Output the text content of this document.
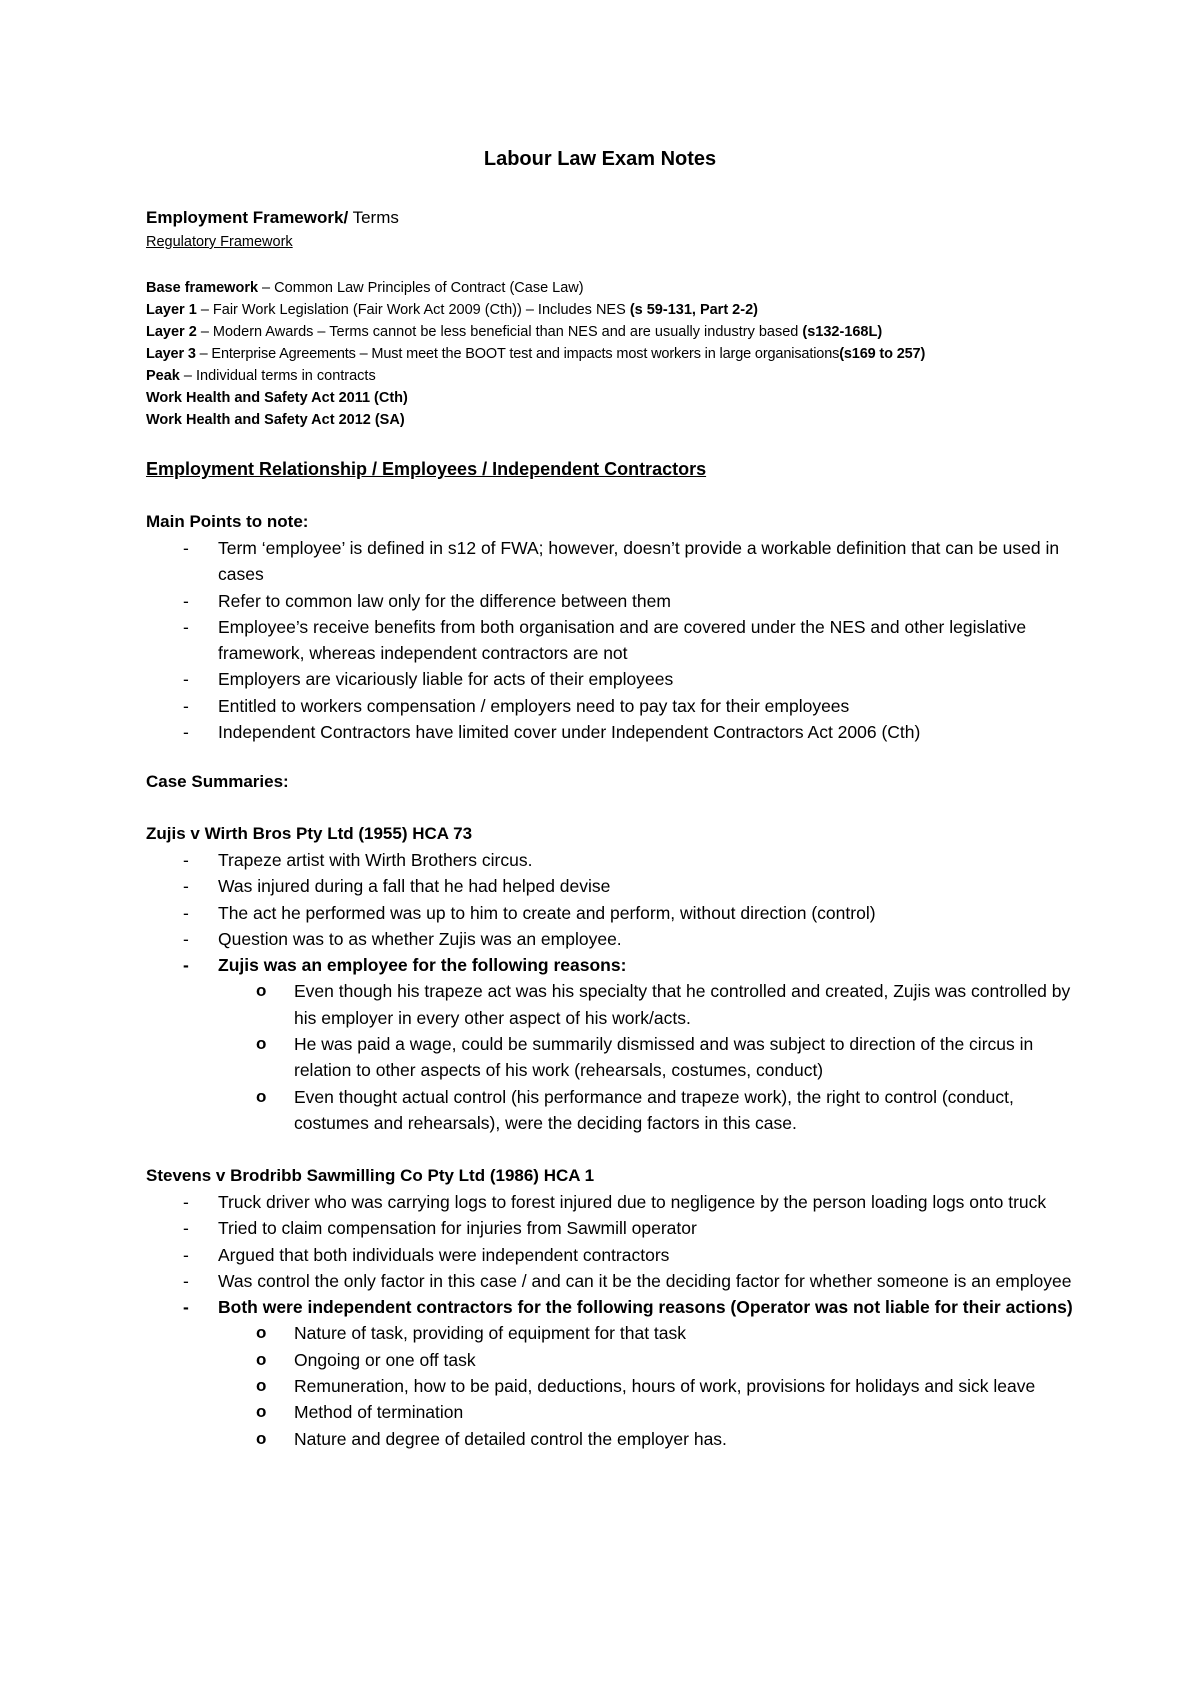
Labour Law Exam Notes
Employment Framework/ Terms
Regulatory Framework
Base framework – Common Law Principles of Contract (Case Law)
Layer 1 – Fair Work Legislation (Fair Work Act 2009 (Cth)) – Includes NES (s 59-131, Part 2-2)
Layer 2 – Modern Awards – Terms cannot be less beneficial than NES and are usually industry based (s132-168L)
Layer 3 – Enterprise Agreements – Must meet the BOOT test and impacts most workers in large organisations(s169 to 257)
Peak – Individual terms in contracts
Work Health and Safety Act 2011 (Cth)
Work Health and Safety Act 2012 (SA)
Employment Relationship / Employees / Independent Contractors
Main Points to note:
- Term ‘employee’ is defined in s12 of FWA; however, doesn’t provide a workable definition that can be used in cases
- Refer to common law only for the difference between them
- Employee’s receive benefits from both organisation and are covered under the NES and other legislative framework, whereas independent contractors are not
- Employers are vicariously liable for acts of their employees
- Entitled to workers compensation / employers need to pay tax for their employees
- Independent Contractors have limited cover under Independent Contractors Act 2006 (Cth)
Case Summaries:
Zujis v Wirth Bros Pty Ltd (1955) HCA 73
- Trapeze artist with Wirth Brothers circus.
- Was injured during a fall that he had helped devise
- The act he performed was up to him to create and perform, without direction (control)
- Question was to as whether Zujis was an employee.
- Zujis was an employee for the following reasons:
o Even though his trapeze act was his specialty that he controlled and created, Zujis was controlled by his employer in every other aspect of his work/acts.
o He was paid a wage, could be summarily dismissed and was subject to direction of the circus in relation to other aspects of his work (rehearsals, costumes, conduct)
o Even thought actual control (his performance and trapeze work), the right to control (conduct, costumes and rehearsals), were the deciding factors in this case.
Stevens v Brodribb Sawmilling Co Pty Ltd (1986) HCA 1
- Truck driver who was carrying logs to forest injured due to negligence by the person loading logs onto truck
- Tried to claim compensation for injuries from Sawmill operator
- Argued that both individuals were independent contractors
- Was control the only factor in this case / and can it be the deciding factor for whether someone is an employee
- Both were independent contractors for the following reasons (Operator was not liable for their actions)
o Nature of task, providing of equipment for that task
o Ongoing or one off task
o Remuneration, how to be paid, deductions, hours of work, provisions for holidays and sick leave
o Method of termination
o Nature and degree of detailed control the employer has.
